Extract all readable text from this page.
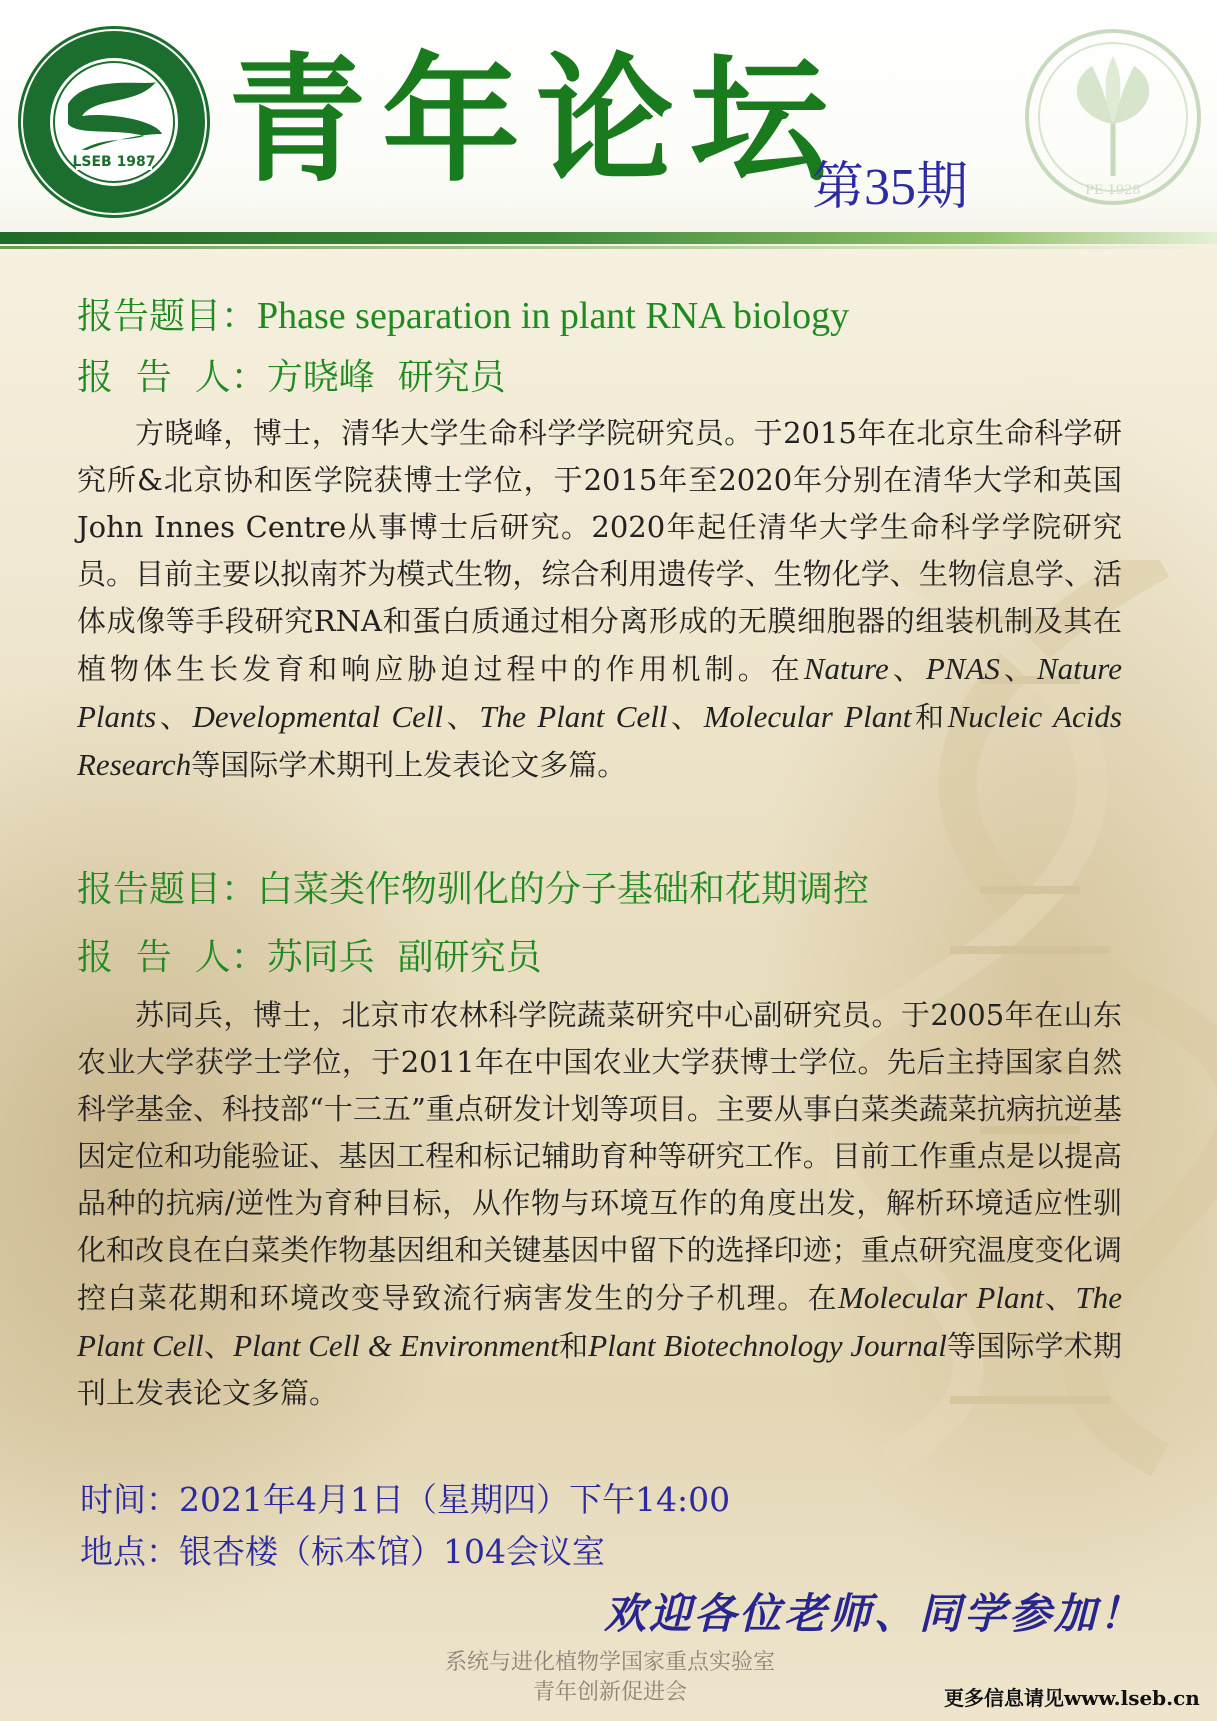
LSEB 1987
PE 1928
青年论坛
第35期
报告题目：Phase separation in plant RNA biology
报  告  人：方晓峰  研究员

方晓峰，博士，清华大学生命科学学院研究员。于2015年在北京生命科学研究所&北京协和医学院获博士学位，于2015年至2020年分别在清华大学和英国John Innes Centre从事博士后研究。2020年起任清华大学生命科学学院研究员。目前主要以拟南芥为模式生物，综合利用遗传学、生物化学、生物信息学、活体成像等手段研究RNA和蛋白质通过相分离形成的无膜细胞器的组装机制及其在植物体生长发育和响应胁迫过程中的作用机制。在Nature、PNAS、Nature Plants、Developmental Cell、The Plant Cell、Molecular Plant和Nucleic Acids Research等国际学术期刊上发表论文多篇。

报告题目：白菜类作物驯化的分子基础和花期调控
报  告  人：苏同兵  副研究员

苏同兵，博士，北京市农林科学院蔬菜研究中心副研究员。于2005年在山东农业大学获学士学位，于2011年在中国农业大学获博士学位。先后主持国家自然科学基金、科技部“十三五”重点研发计划等项目。主要从事白菜类蔬菜抗病抗逆基因定位和功能验证、基因工程和标记辅助育种等研究工作。目前工作重点是以提高品种的抗病/逆性为育种目标，从作物与环境互作的角度出发，解析环境适应性驯化和改良在白菜类作物基因组和关键基因中留下的选择印迹；重点研究温度变化调控白菜花期和环境改变导致流行病害发生的分子机理。在Molecular Plant、The Plant Cell、Plant Cell & Environment和Plant Biotechnology Journal等国际学术期刊上发表论文多篇。

时间：2021年4月1日（星期四）下午14:00
地点：银杏楼（标本馆）104会议室
欢迎各位老师、同学参加！
系统与进化植物学国家重点实验室
青年创新促进会	更多信息请见www.lseb.cn
